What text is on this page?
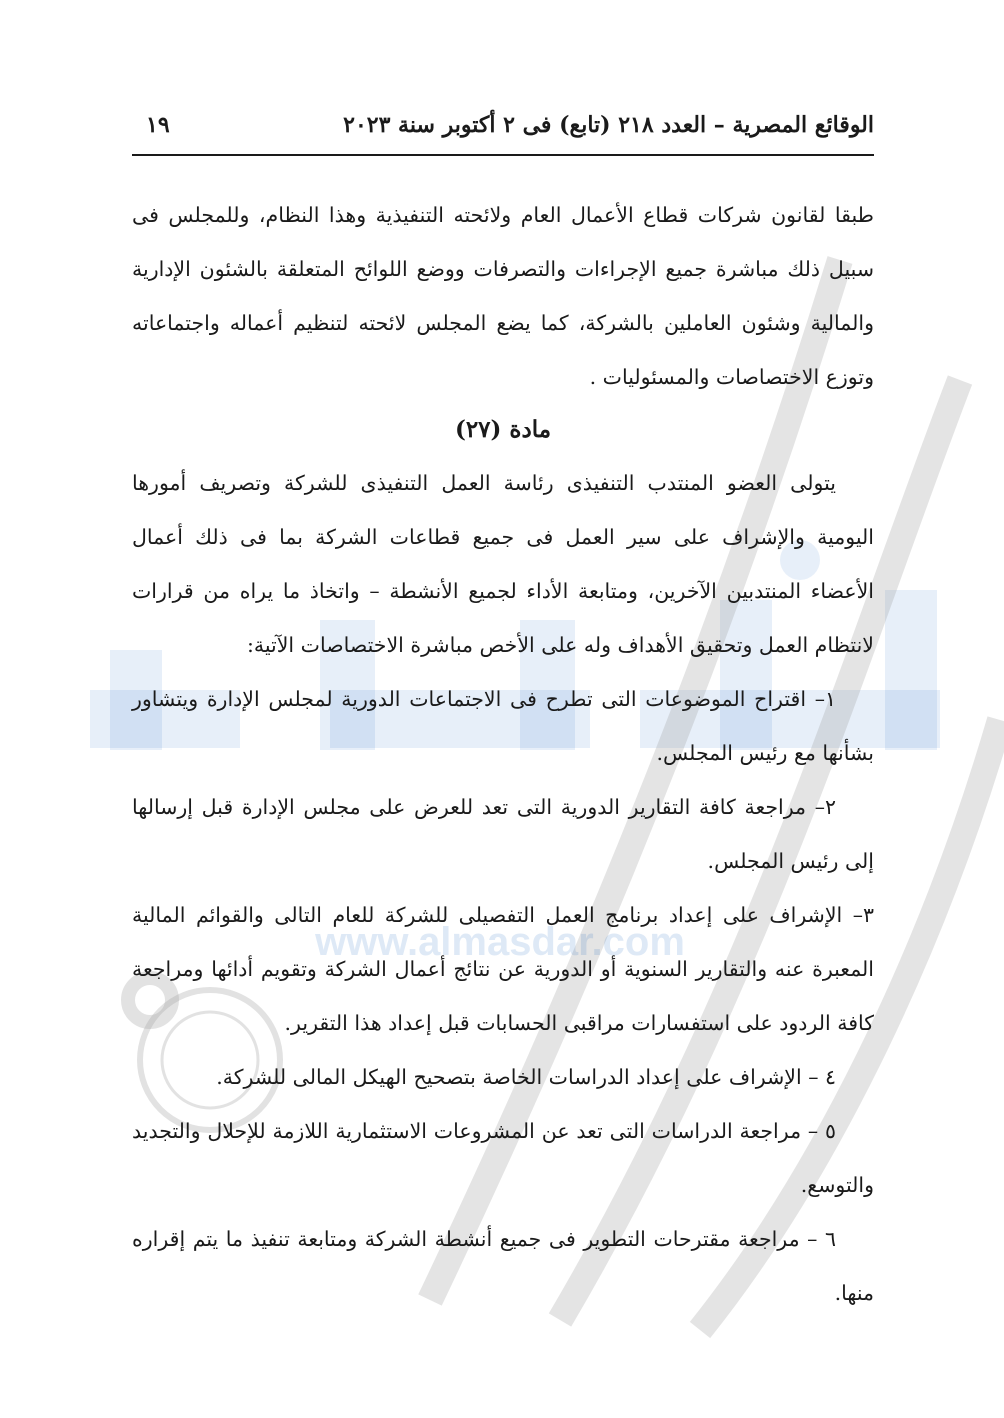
www.almasdar.com
الوقائع المصرية – العدد ٢١٨ (تابع) فى ٢ أكتوبر سنة ٢٠٢٣
١٩

طبقا لقانون شركات قطاع الأعمال العام ولائحته التنفيذية وهذا النظام، وللمجلس فى سبيل ذلك مباشرة جميع الإجراءات والتصرفات ووضع اللوائح المتعلقة بالشئون الإدارية والمالية وشئون العاملين بالشركة، كما يضع المجلس لائحته لتنظيم أعماله واجتماعاته وتوزع الاختصاصات والمسئوليات .

مادة (٢٧)

يتولى العضو المنتدب التنفيذى رئاسة العمل التنفيذى للشركة وتصريف أمورها اليومية والإشراف على سير العمل فى جميع قطاعات الشركة بما فى ذلك أعمال الأعضاء المنتدبين الآخرين، ومتابعة الأداء لجميع الأنشطة – واتخاذ ما يراه من قرارات لانتظام العمل وتحقيق الأهداف وله على الأخص مباشرة الاختصاصات الآتية:

١– اقتراح الموضوعات التى تطرح فى الاجتماعات الدورية لمجلس الإدارة ويتشاور بشأنها مع رئيس المجلس.

٢– مراجعة كافة التقارير الدورية التى تعد للعرض على مجلس الإدارة قبل إرسالها إلى رئيس المجلس.

٣– الإشراف على إعداد برنامج العمل التفصيلى للشركة للعام التالى والقوائم المالية المعبرة عنه والتقارير السنوية أو الدورية عن نتائج أعمال الشركة وتقويم أدائها ومراجعة كافة الردود على استفسارات مراقبى الحسابات قبل إعداد هذا التقرير.

٤ – الإشراف على إعداد الدراسات الخاصة بتصحيح الهيكل المالى للشركة.

٥ – مراجعة الدراسات التى تعد عن المشروعات الاستثمارية اللازمة للإحلال والتجديد والتوسع.

٦ – مراجعة مقترحات التطوير فى جميع أنشطة الشركة ومتابعة تنفيذ ما يتم إقراره منها.
